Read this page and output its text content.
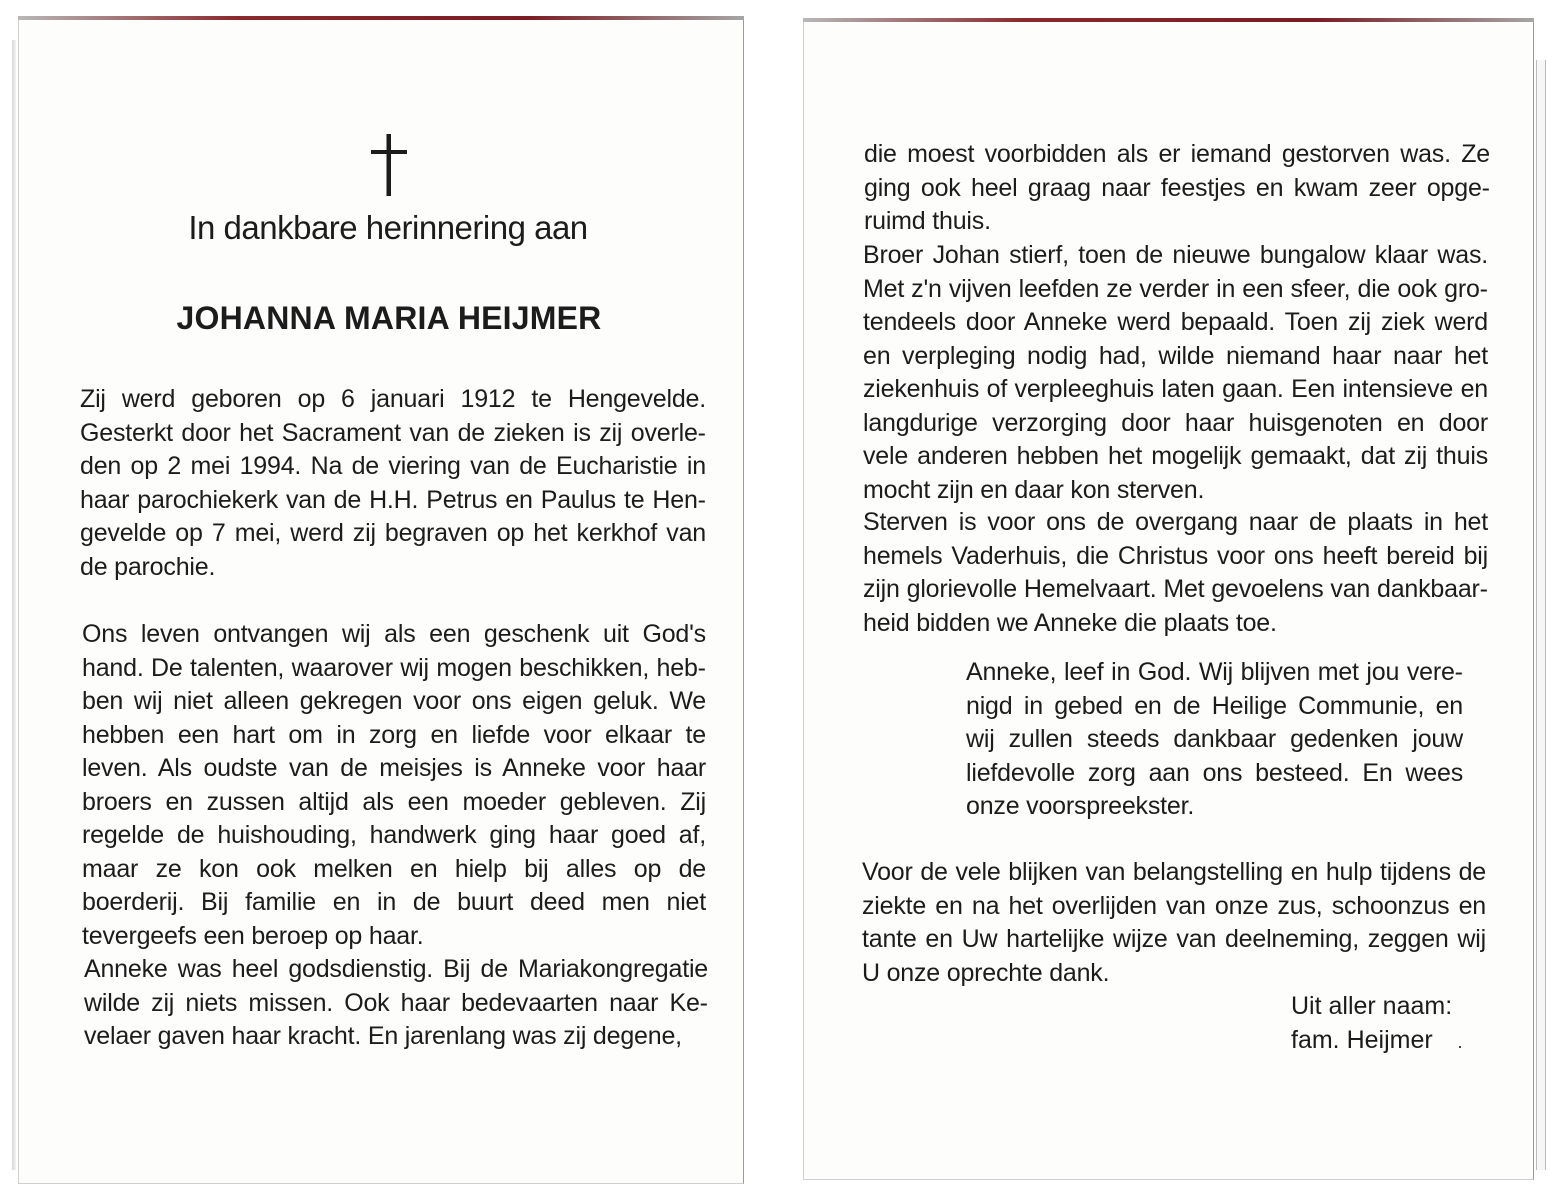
In dankbare herinnering aan
JOHANNA MARIA HEIJMER

Zij werd geboren op 6 januari 1912 te Hengevelde. Gesterkt door het Sacrament van de zieken is zij overleden op 2 mei 1994. Na de viering van de Eucharistie in haar parochiekerk van de H.H. Petrus en Paulus te Hengevelde op 7 mei, werd zij begraven op het kerkhof van de parochie.

Ons leven ontvangen wij als een geschenk uit God's hand. De talenten, waarover wij mogen beschikken, hebben wij niet alleen gekregen voor ons eigen geluk. We hebben een hart om in zorg en liefde voor elkaar te leven. Als oudste van de meisjes is Anneke voor haar broers en zussen altijd als een moeder gebleven. Zij regelde de huishouding, handwerk ging haar goed af, maar ze kon ook melken en hielp bij alles op de boerderij. Bij familie en in de buurt deed men niet tevergeefs een beroep op haar.

Anneke was heel godsdienstig. Bij de Mariakongregatie wilde zij niets missen. Ook haar bedevaarten naar Kevelaer gaven haar kracht. En jarenlang was zij degene,

die moest voorbidden als er iemand gestorven was. Ze ging ook heel graag naar feestjes en kwam zeer opgeruimd thuis.

Broer Johan stierf, toen de nieuwe bungalow klaar was. Met z'n vijven leefden ze verder in een sfeer, die ook grotendeels door Anneke werd bepaald. Toen zij ziek werd en verpleging nodig had, wilde niemand haar naar het ziekenhuis of verpleeghuis laten gaan. Een intensieve en langdurige verzorging door haar huisgenoten en door vele anderen hebben het mogelijk gemaakt, dat zij thuis mocht zijn en daar kon sterven.

Sterven is voor ons de overgang naar de plaats in het hemels Vaderhuis, die Christus voor ons heeft bereid bij zijn glorievolle Hemelvaart. Met gevoelens van dankbaarheid bidden we Anneke die plaats toe.

Anneke, leef in God. Wij blijven met jou verenigd in gebed en de Heilige Communie, en wij zullen steeds dankbaar gedenken jouw liefdevolle zorg aan ons besteed. En wees onze voorspreekster.

Voor de vele blijken van belangstelling en hulp tijdens de ziekte en na het overlijden van onze zus, schoonzus en tante en Uw hartelijke wijze van deelneming, zeggen wij U onze oprechte dank.

Uit aller naam:
fam. Heijmer
